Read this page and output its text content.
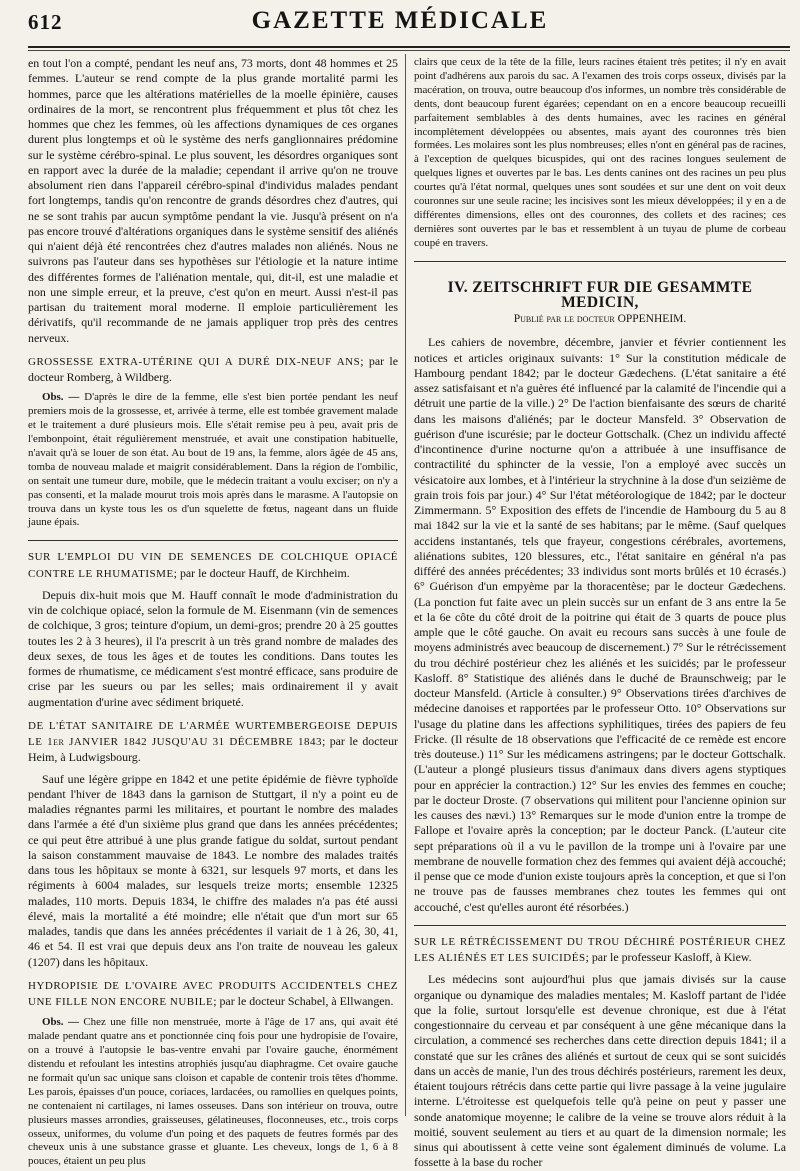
612	GAZETTE MÉDICALE

en tout l'on a compté, pendant les neuf ans, 73 morts, dont 48 hommes et 25 femmes. L'auteur se rend compte de la plus grande mortalité parmi les hommes, parce que les altérations matérielles de la moelle épinière, causes ordinaires de la mort, se rencontrent plus fréquemment et plus tôt chez les hommes que chez les femmes, où les affections dynamiques de ces organes durent plus longtemps et où le système des nerfs ganglionnaires prédomine sur le système cérébro-spinal. Le plus souvent, les désordres organiques sont en rapport avec la durée de la maladie; cependant il arrive qu'on ne trouve absolument rien dans l'appareil cérébro-spinal d'individus malades pendant fort longtemps, tandis qu'on rencontre de grands désordres chez d'autres, qui ne se sont trahis par aucun symptôme pendant la vie. Jusqu'à présent on n'a pas encore trouvé d'altérations organiques dans le système sensitif des aliénés qui n'aient déjà été rencontrées chez d'autres malades non aliénés. Nous ne suivrons pas l'auteur dans ses hypothèses sur l'étiologie et la nature intime des différentes formes de l'aliénation mentale, qui, dit-il, est une maladie et non une simple erreur, et la preuve, c'est qu'on en meurt. Aussi n'est-il pas partisan du traitement moral moderne. Il emploie particulièrement les dérivatifs, qu'il recommande de ne jamais appliquer trop près des centres nerveux.

GROSSESSE EXTRA-UTÉRINE QUI A DURÉ DIX-NEUF ANS; par le docteur Romberg, à Wildberg.

Obs. — D'après le dire de la femme, elle s'est bien portée pendant les neuf premiers mois de la grossesse, et, arrivée à terme, elle est tombée gravement malade et le traitement a duré plusieurs mois. Elle s'était remise peu à peu, avait pris de l'embonpoint, était régulièrement menstruée, et avait une constipation habituelle, n'avait qu'à se louer de son état. Au bout de 19 ans, la femme, alors âgée de 45 ans, tomba de nouveau malade et maigrit considérablement. Dans la région de l'ombilic, on sentait une tumeur dure, mobile, que le médecin traitant a voulu exciser; on n'y a pas consenti, et la malade mourut trois mois après dans le marasme. A l'autopsie on trouva dans un kyste tous les os d'un squelette de fœtus, nageant dans un fluide jaune épais.

SUR L'EMPLOI DU VIN DE SEMENCES DE COLCHIQUE OPIACÉ CONTRE LE RHUMATISME; par le docteur Hauff, de Kirchheim.

Depuis dix-huit mois que M. Hauff connaît le mode d'administration du vin de colchique opiacé, selon la formule de M. Eisenmann (vin de semences de colchique, 3 gros; teinture d'opium, un demi-gros; prendre 20 à 25 gouttes toutes les 2 à 3 heures), il l'a prescrit à un très grand nombre de malades des deux sexes, de tous les âges et de toutes les conditions. Dans toutes les formes de rhumatisme, ce médicament s'est montré efficace, sans produire de crise par les sueurs ou par les selles; mais ordinairement il y avait augmentation d'urine avec sédiment briqueté.

DE L'ÉTAT SANITAIRE DE L'ARMÉE WURTEMBERGEOISE DEPUIS LE 1er JANVIER 1842 JUSQU'AU 31 DÉCEMBRE 1843; par le docteur Heim, à Ludwigsbourg.

Sauf une légère grippe en 1842 et une petite épidémie de fièvre typhoïde pendant l'hiver de 1843 dans la garnison de Stuttgart, il n'y a point eu de maladies régnantes parmi les militaires, et pourtant le nombre des malades dans l'armée a été d'un sixième plus grand que dans les années précédentes; ce qui peut être attribué à une plus grande fatigue du soldat, surtout pendant la saison constamment mauvaise de 1843. Le nombre des malades traités dans tous les hôpitaux se monte à 6321, sur lesquels 97 morts, et dans les régiments à 6004 malades, sur lesquels treize morts; ensemble 12325 malades, 110 morts. Depuis 1834, le chiffre des malades n'a pas été aussi élevé, mais la mortalité a été moindre; elle n'était que d'un mort sur 65 malades, tandis que dans les années précédentes il variait de 1 à 26, 30, 41, 46 et 54. Il est vrai que depuis deux ans l'on traite de nouveau les galeux (1207) dans les hôpitaux.

HYDROPISIE DE L'OVAIRE AVEC PRODUITS ACCIDENTELS CHEZ UNE FILLE NON ENCORE NUBILE; par le docteur Schabel, à Ellwangen.

Obs. — Chez une fille non menstruée, morte à l'âge de 17 ans, qui avait été malade pendant quatre ans et ponctionnée cinq fois pour une hydropisie de l'ovaire, on a trouvé à l'autopsie le bas-ventre envahi par l'ovaire gauche, énormément distendu et refoulant les intestins atrophiés jusqu'au diaphragme. Cet ovaire gauche ne formait qu'un sac unique sans cloison et capable de contenir trois têtes d'homme. Les parois, épaisses d'un pouce, coriaces, lardacées, ou ramollies en quelques points, ne contenaient ni cartilages, ni lames osseuses. Dans son intérieur on trouva, outre plusieurs masses arrondies, graisseuses, gélatineuses, floconneuses, etc., trois corps osseux, uniformes, du volume d'un poing et des paquets de feutres formés par des cheveux unis à une substance grasse et gluante. Les cheveux, longs de 1, 6 à 8 pouces, étaient un peu plus

clairs que ceux de la tête de la fille, leurs racines étaient très petites; il n'y en avait point d'adhérens aux parois du sac. A l'examen des trois corps osseux, divisés par la macération, on trouva, outre beaucoup d'os informes, un nombre très considérable de dents, dont beaucoup furent égarées; cependant on en a encore beaucoup recueilli parfaitement semblables à des dents humaines, avec les racines en général incomplètement développées ou absentes, mais ayant des couronnes très bien formées. Les molaires sont les plus nombreuses; elles n'ont en général pas de racines, à l'exception de quelques bicuspides, qui ont des racines longues seulement de quelques lignes et ouvertes par le bas. Les dents canines ont des racines un peu plus courtes qu'à l'état normal, quelques unes sont soudées et sur une dent on voit deux couronnes sur une seule racine; les incisives sont les mieux développées; il y en a de différentes dimensions, elles ont des couronnes, des collets et des racines; ces dernières sont ouvertes par le bas et ressemblent à un tuyau de plume de corbeau coupé en travers.

IV. ZEITSCHRIFT FUR DIE GESAMMTE MEDICIN,

Publié par le docteur OPPENHEIM.

Les cahiers de novembre, décembre, janvier et février contiennent les notices et articles originaux suivants: 1° Sur la constitution médicale de Hambourg pendant 1842; par le docteur Gædechens. (L'état sanitaire a été assez satisfaisant et n'a guères été influencé par la calamité de l'incendie qui a détruit une partie de la ville.) 2° De l'action bienfaisante des sœurs de charité dans les maisons d'aliénés; par le docteur Mansfeld. 3° Observation de guérison d'une iscurésie; par le docteur Gottschalk. (Chez un individu affecté d'incontinence d'urine nocturne qu'on a attribuée à une insuffisance de contractilité du sphincter de la vessie, l'on a employé avec succès un vésicatoire aux lombes, et à l'intérieur la strychnine à la dose d'un seizième de grain trois fois par jour.) 4° Sur l'état météorologique de 1842; par le docteur Zimmermann. 5° Exposition des effets de l'incendie de Hambourg du 5 au 8 mai 1842 sur la vie et la santé de ses habitans; par le même. (Sauf quelques accidens instantanés, tels que frayeur, congestions cérébrales, avortemens, aliénations subites, 120 blessures, etc., l'état sanitaire en général n'a pas différé des années précédentes; 33 individus sont morts brûlés et 10 écrasés.) 6° Guérison d'un empyème par la thoracentèse; par le docteur Gædechens. (La ponction fut faite avec un plein succès sur un enfant de 3 ans entre la 5e et la 6e côte du côté droit de la poitrine qui était de 3 quarts de pouce plus ample que le côté gauche. On avait eu recours sans succès à une foule de moyens administrés avec beaucoup de discernement.) 7° Sur le rétrécissement du trou déchiré postérieur chez les aliénés et les suicidés; par le professeur Kasloff. 8° Statistique des aliénés dans le duché de Braunschweig; par le docteur Mansfeld. (Article à consulter.) 9° Observations tirées d'archives de médecine danoises et rapportées par le professeur Otto. 10° Observations sur l'usage du platine dans les affections syphilitiques, tirées des papiers de feu Fricke. (Il résulte de 18 observations que l'efficacité de ce remède est encore très douteuse.) 11° Sur les médicamens astringens; par le docteur Gottschalk. (L'auteur a plongé plusieurs tissus d'animaux dans divers agens styptiques pour en apprécier la contraction.) 12° Sur les envies des femmes en couche; par le docteur Droste. (7 observations qui militent pour l'ancienne opinion sur les causes des nævi.) 13° Remarques sur le mode d'union entre la trompe de Fallope et l'ovaire après la conception; par le docteur Panck. (L'auteur cite sept préparations où il a vu le pavillon de la trompe uni à l'ovaire par une membrane de nouvelle formation chez des femmes qui avaient déjà accouché; il pense que ce mode d'union existe toujours après la conception, et que si l'on ne trouve pas de fausses membranes chez toutes les femmes qui ont accouché, c'est qu'elles auront été résorbées.)

SUR LE RÉTRÉCISSEMENT DU TROU DÉCHIRÉ POSTÉRIEUR CHEZ LES ALIÉNÉS ET LES SUICIDÉS; par le professeur Kasloff, à Kiew.

Les médecins sont aujourd'hui plus que jamais divisés sur la cause organique ou dynamique des maladies mentales; M. Kasloff partant de l'idée que la folie, surtout lorsqu'elle est devenue chronique, est due à l'état congestionnaire du cerveau et par conséquent à une gêne mécanique dans la circulation, a commencé ses recherches dans cette direction depuis 1841; il a constaté que sur les crânes des aliénés et surtout de ceux qui se sont suicidés dans un accès de manie, l'un des trous déchirés postérieurs, rarement les deux, étaient toujours rétrécis dans cette partie qui livre passage à la veine jugulaire interne. L'étroitesse est quelquefois telle qu'à peine on peut y passer une sonde anatomique moyenne; le calibre de la veine se trouve alors réduit à la moitié, souvent seulement au tiers et au quart de la dimension normale; les sinus qui aboutissent à cette veine sont également diminués de volume. La fossette à la base du rocher
